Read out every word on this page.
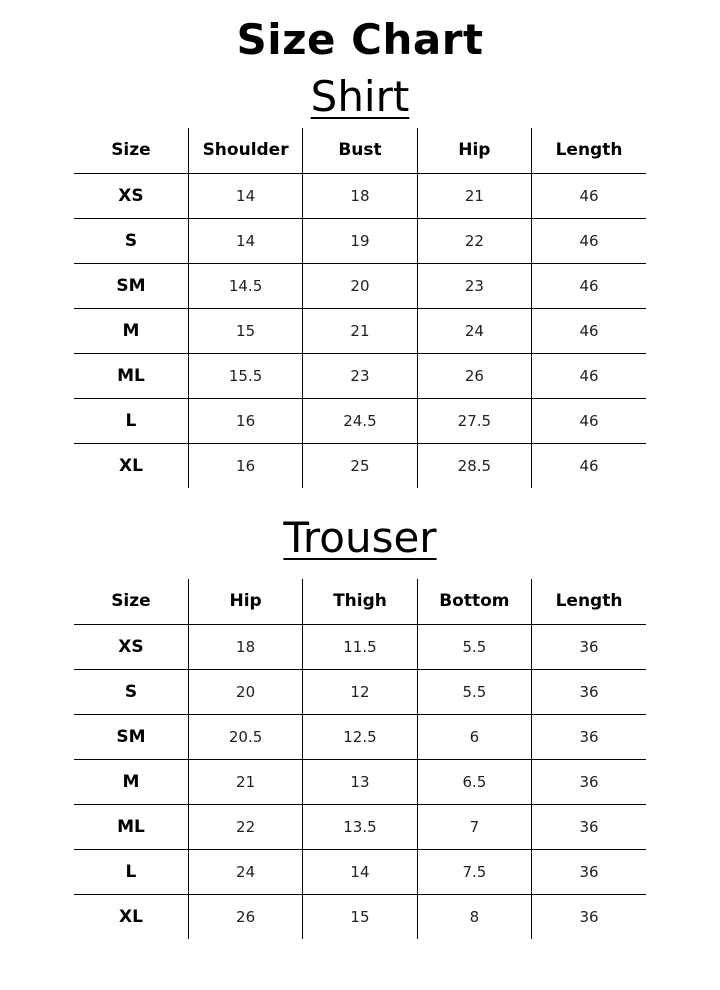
Size Chart
Shirt
Size	Shoulder	Bust	Hip	Length
XS	14	18	21	46
S	14	19	22	46
SM	14.5	20	23	46
M	15	21	24	46
ML	15.5	23	26	46
L	16	24.5	27.5	46
XL	16	25	28.5	46
Trouser
Size	Hip	Thigh	Bottom	Length
XS	18	11.5	5.5	36
S	20	12	5.5	36
SM	20.5	12.5	6	36
M	21	13	6.5	36
ML	22	13.5	7	36
L	24	14	7.5	36
XL	26	15	8	36
